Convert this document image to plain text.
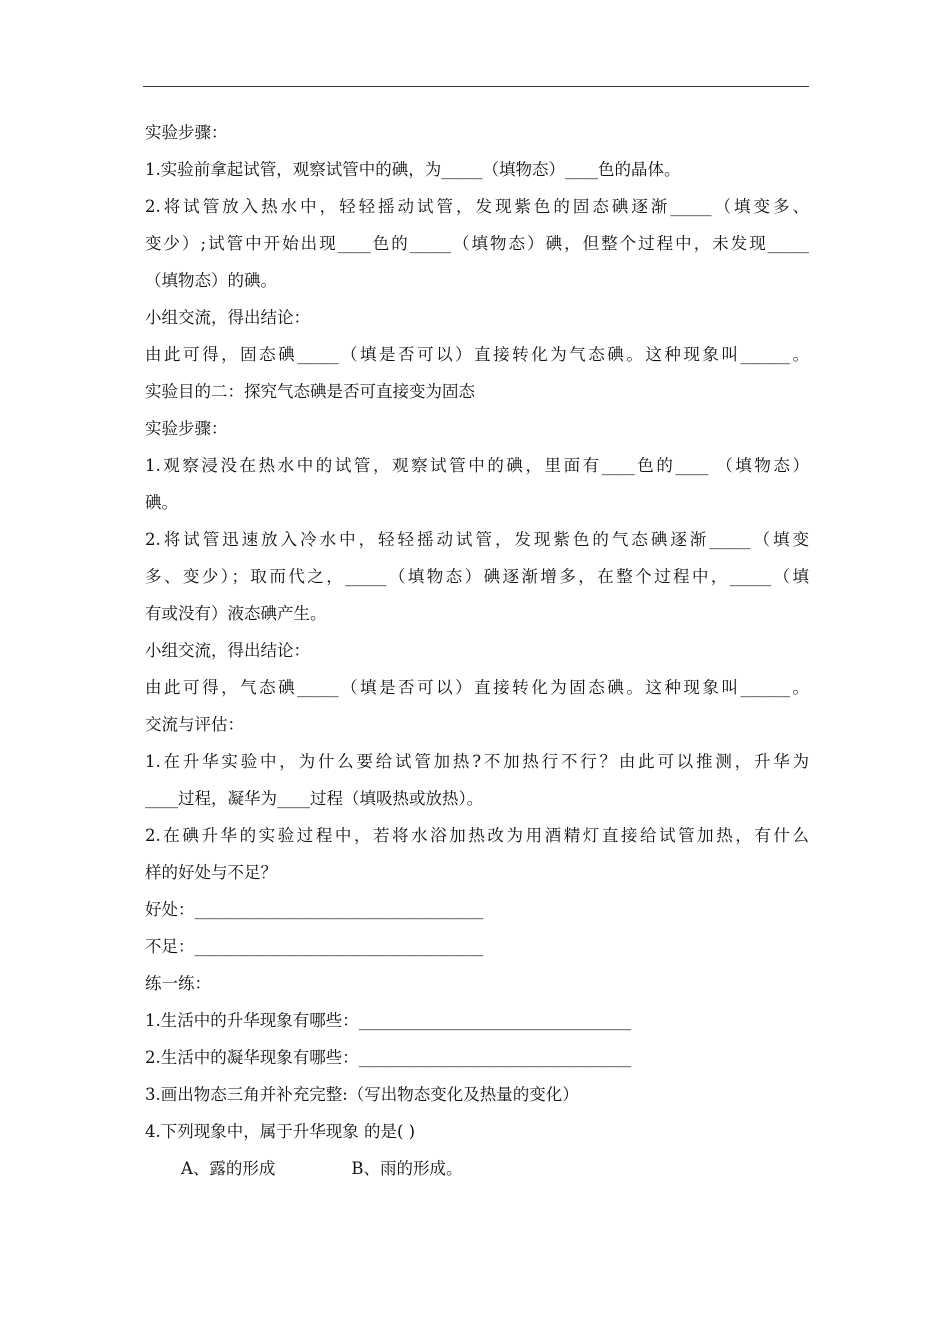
实验步骤：
1.实验前拿起试管，观察试管中的碘，为_____（填物态）____色的晶体。
2.将试管放入热水中，轻轻摇动试管，发现紫色的固态碘逐渐_____（填变多、
变少）;试管中开始出现____色的_____（填物态）碘，但整个过程中，未发现_____
（填物态）的碘。
小组交流，得出结论：
由此可得，固态碘_____（填是否可以）直接转化为气态碘。这种现象叫______。
实验目的二：探究气态碘是否可直接变为固态
实验步骤：
1.观察浸没在热水中的试管，观察试管中的碘，里面有____色的____ （填物态）
碘。
2.将试管迅速放入冷水中，轻轻摇动试管，发现紫色的气态碘逐渐_____（填变
多、变少）；取而代之，_____（填物态）碘逐渐增多，在整个过程中，_____（填
有或没有）液态碘产生。
小组交流，得出结论：
由此可得，气态碘_____（填是否可以）直接转化为固态碘。这种现象叫______。
交流与评估：
1.在升华实验中，为什么要给试管加热?不加热行不行？由此可以推测，升华为
____过程，凝华为____过程（填吸热或放热）。
2.在碘升华的实验过程中，若将水浴加热改为用酒精灯直接给试管加热，有什么
样的好处与不足？
好处：___________________________________
不足：___________________________________
练一练：
1.生活中的升华现象有哪些：_________________________________
2.生活中的凝华现象有哪些：_________________________________
3.画出物态三角并补充完整:（写出物态变化及热量的变化）
4.下列现象中，属于升华现象 的是( )
A、露的形成	B、雨的形成。
